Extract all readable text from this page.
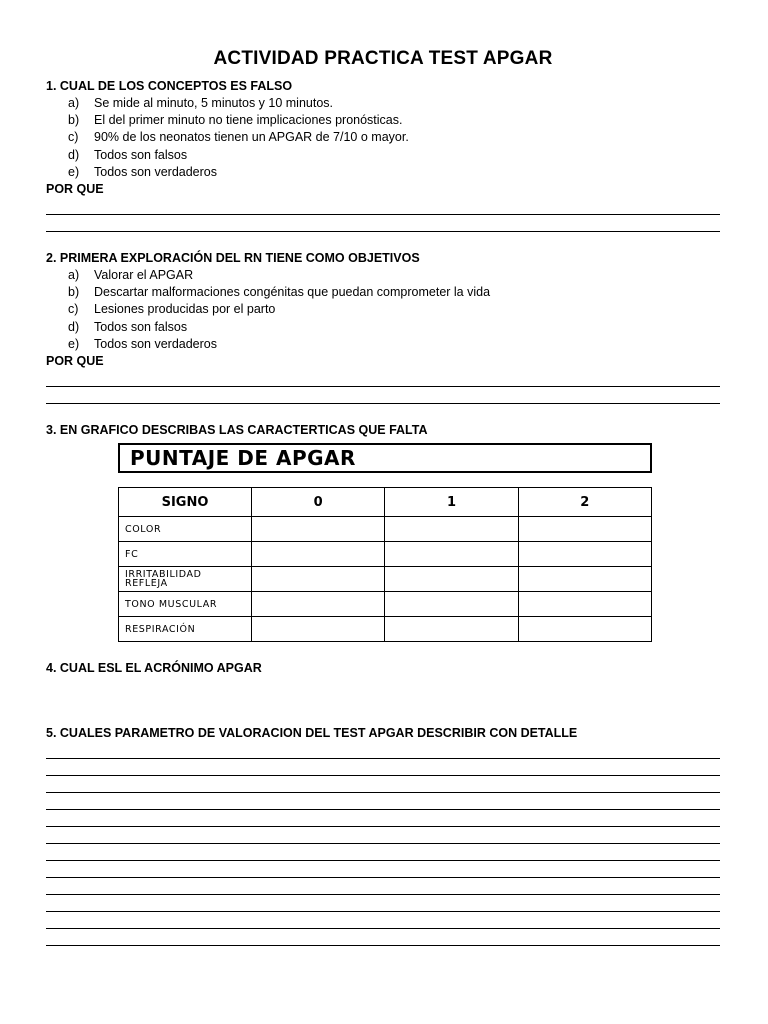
ACTIVIDAD PRACTICA TEST APGAR

1. CUAL DE LOS CONCEPTOS ES FALSO

a)	Se mide al minuto, 5 minutos y 10 minutos.
b)	El del primer minuto no tiene implicaciones pronósticas.
c)	90% de los neonatos tienen un APGAR de 7/10 o mayor.
d)	Todos son falsos
e)	Todos son verdaderos

POR QUE

2. PRIMERA EXPLORACIÓN DEL RN TIENE COMO OBJETIVOS

a)	Valorar el APGAR
b)	Descartar malformaciones congénitas que puedan comprometer la vida
c)	Lesiones producidas por el parto
d)	Todos son falsos
e)	Todos son verdaderos

POR QUE

3. EN GRAFICO DESCRIBAS LAS CARACTERTICAS QUE FALTA

PUNTAJE DE APGAR
SIGNO	0	1	2
COLOR			
FC			
IRRITABILIDAD REFLEJA			
TONO MUSCULAR			
RESPIRACIÓN			

4. CUAL ESL EL ACRÓNIMO APGAR

5. CUALES PARAMETRO DE VALORACION DEL TEST APGAR DESCRIBIR CON DETALLE
